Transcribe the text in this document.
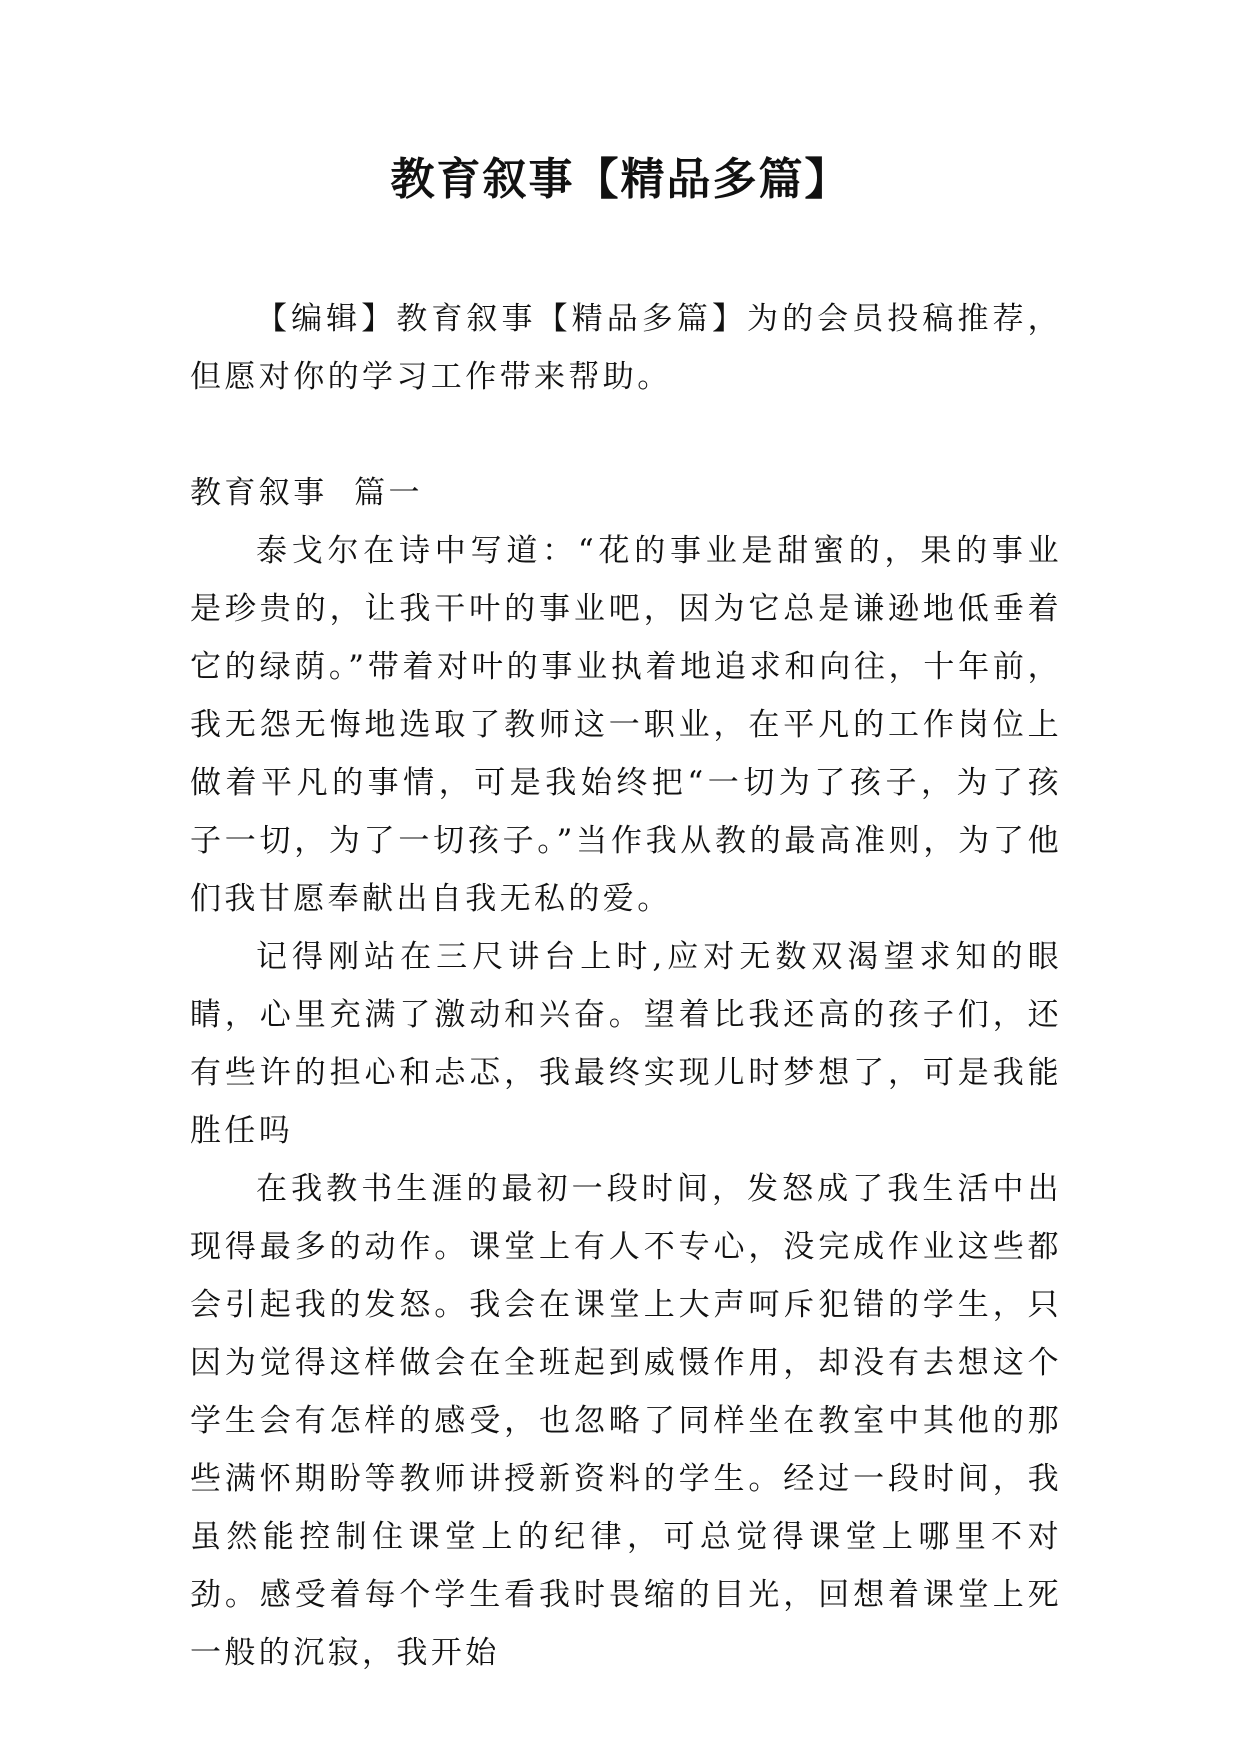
教育叙事【精品多篇】

【编辑】教育叙事【精品多篇】为的会员投稿推荐，但愿对你的学习工作带来帮助。

教育叙事  篇一

泰戈尔在诗中写道：“花的事业是甜蜜的，果的事业是珍贵的，让我干叶的事业吧，因为它总是谦逊地低垂着它的绿荫。”带着对叶的事业执着地追求和向往，十年前，我无怨无悔地选取了教师这一职业，在平凡的工作岗位上做着平凡的事情，可是我始终把“一切为了孩子，为了孩子一切，为了一切孩子。”当作我从教的最高准则，为了他们我甘愿奉献出自我无私的爱。

记得刚站在三尺讲台上时,应对无数双渴望求知的眼睛，心里充满了激动和兴奋。望着比我还高的孩子们，还有些许的担心和忐忑，我最终实现儿时梦想了，可是我能胜任吗

在我教书生涯的最初一段时间，发怒成了我生活中出现得最多的动作。课堂上有人不专心，没完成作业这些都会引起我的发怒。我会在课堂上大声呵斥犯错的学生，只因为觉得这样做会在全班起到威慑作用，却没有去想这个学生会有怎样的感受，也忽略了同样坐在教室中其他的那些满怀期盼等教师讲授新资料的学生。经过一段时间，我虽然能控制住课堂上的纪律，可总觉得课堂上哪里不对劲。感受着每个学生看我时畏缩的目光，回想着课堂上死一般的沉寂，我开始
